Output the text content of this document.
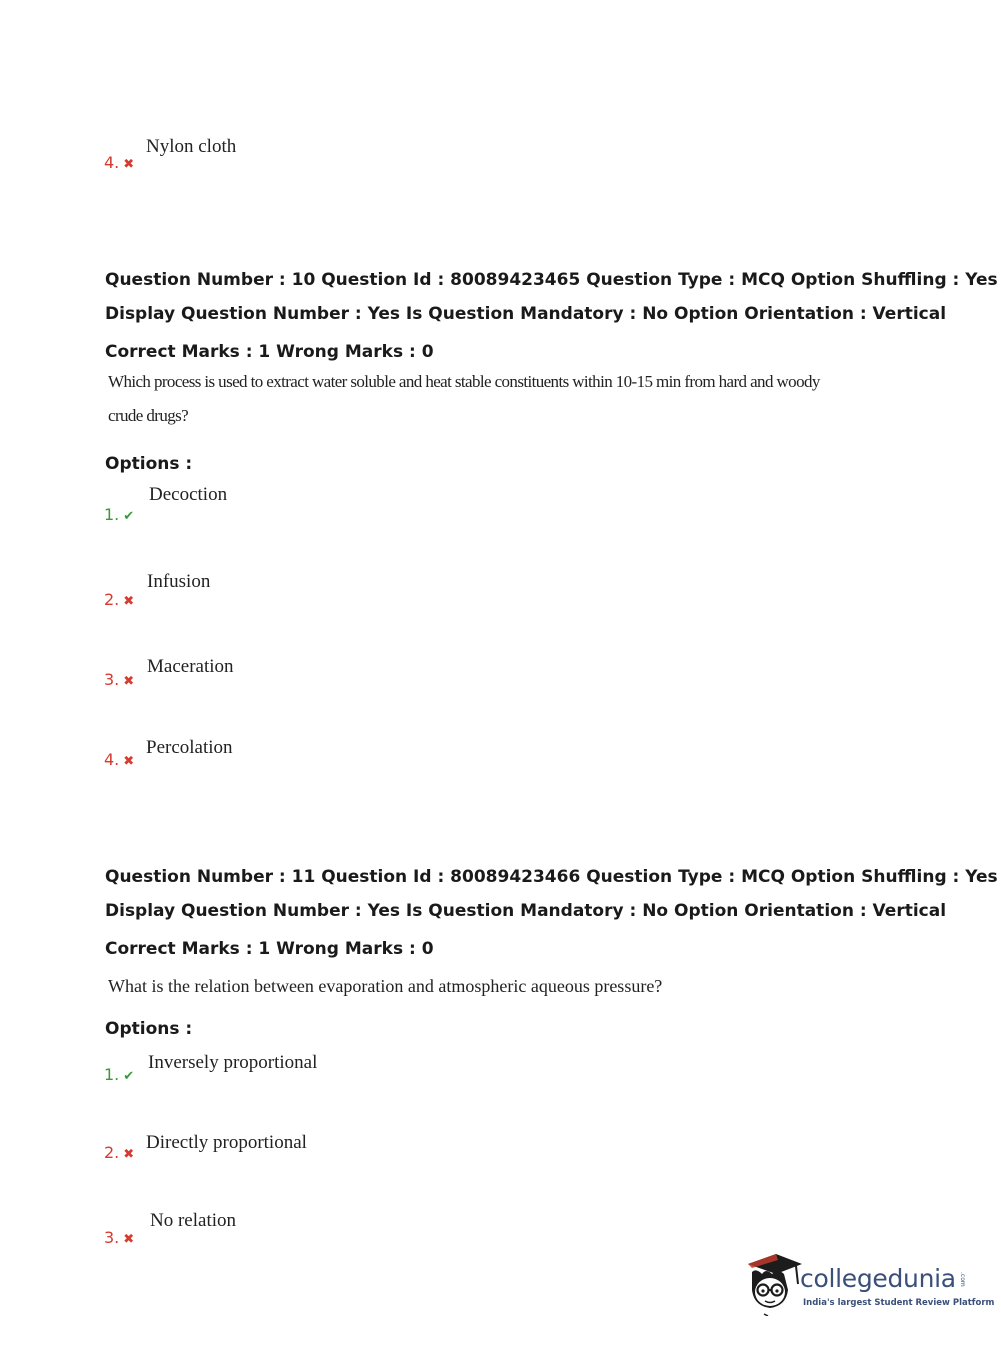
4. ✖
Nylon cloth
Question Number : 10 Question Id : 80089423465 Question Type : MCQ Option Shuffling : Yes
Display Question Number : Yes Is Question Mandatory : No Option Orientation : Vertical
Correct Marks : 1 Wrong Marks : 0
Which process is used to extract water soluble and heat stable constituents within 10-15 min from hard and woody
crude drugs?
Options :
1. ✔
Decoction
2. ✖
Infusion
3. ✖
Maceration
4. ✖
Percolation
Question Number : 11 Question Id : 80089423466 Question Type : MCQ Option Shuffling : Yes
Display Question Number : Yes Is Question Mandatory : No Option Orientation : Vertical
Correct Marks : 1 Wrong Marks : 0
What is the relation between evaporation and atmospheric aqueous pressure?
Options :
1. ✔
Inversely proportional
2. ✖
Directly proportional
3. ✖
No relation
collegedunia .com
India's largest Student Review Platform
